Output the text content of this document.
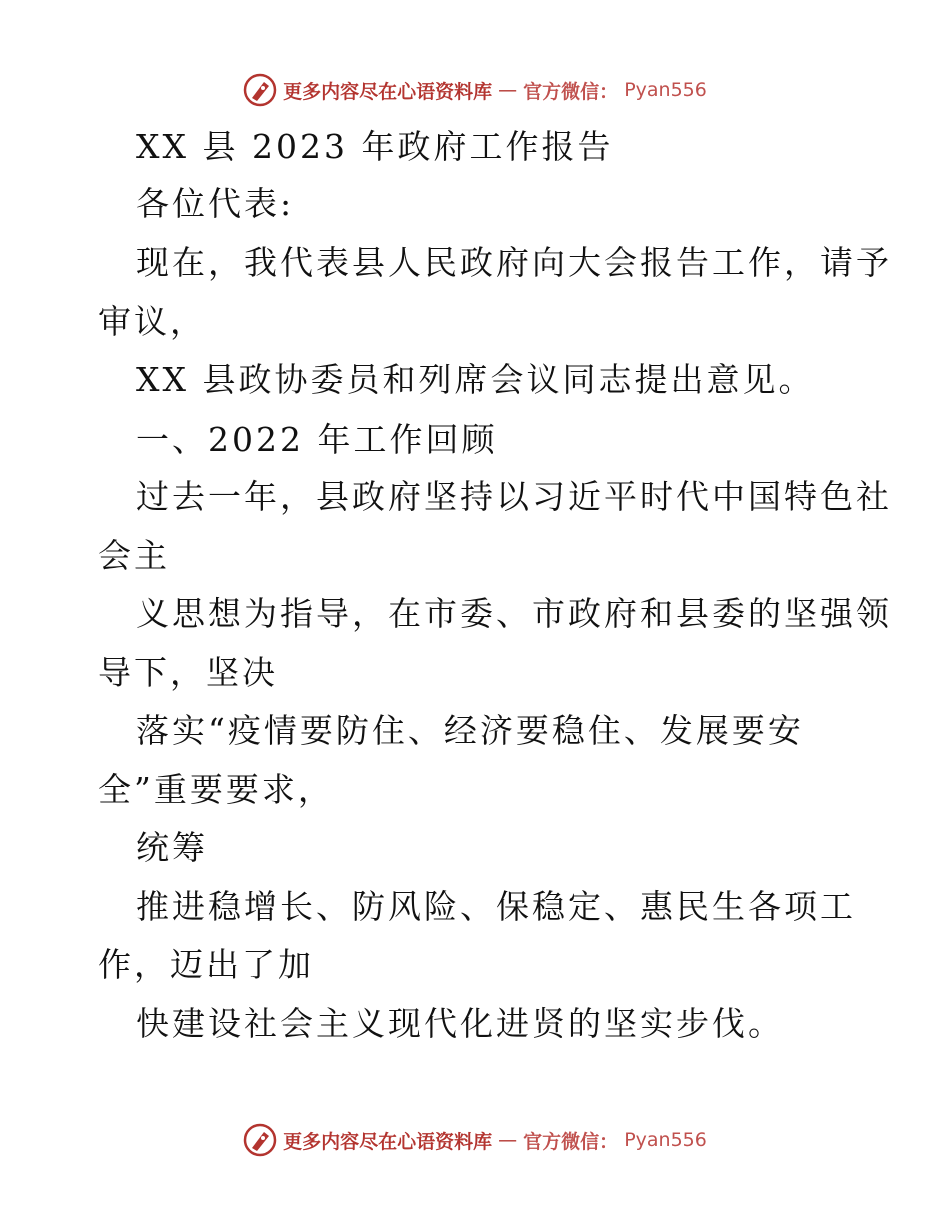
更多内容尽在心语资料库 — 官方微信： Pyan556
XX 县 2023 年政府工作报告
各位代表:
现在，我代表县人民政府向大会报告工作，请予
审议，
XX 县政协委员和列席会议同志提出意见。
一、2022 年工作回顾
过去一年，县政府坚持以习近平时代中国特色社
会主
义思想为指导，在市委、市政府和县委的坚强领
导下，坚决
落实“疫情要防住、经济要稳住、发展要安
全”重要要求，
统筹
推进稳增长、防风险、保稳定、惠民生各项工
作，迈出了加
快建设社会主义现代化进贤的坚实步伐。
更多内容尽在心语资料库 — 官方微信： Pyan556
